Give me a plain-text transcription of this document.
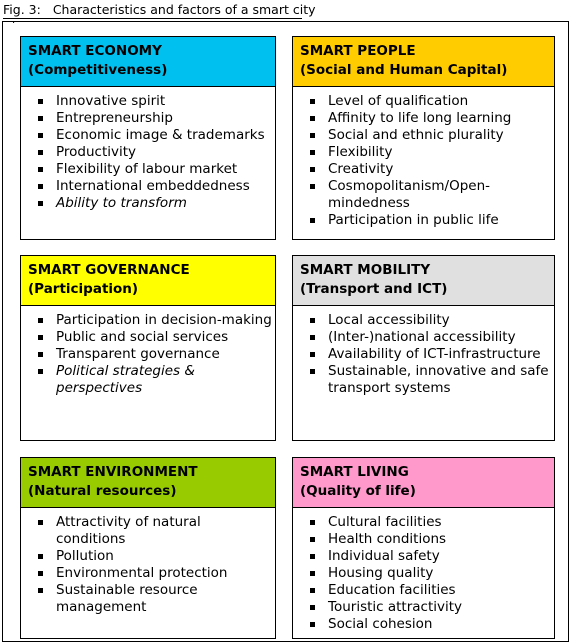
Fig. 3: Characteristics and factors of a smart city
.
SMART ECONOMY
(Competitiveness)
Innovative spirit
Entrepreneurship
Economic image & trademarks
Productivity
Flexibility of labour market
International embeddedness
Ability to transform
SMART PEOPLE
(Social and Human Capital)
Level of qualification
Affinity to life long learning
Social and ethnic plurality
Flexibility
Creativity
Cosmopolitanism/Open-
mindedness
Participation in public life
SMART GOVERNANCE
(Participation)
Participation in decision-making
Public and social services
Transparent governance
Political strategies &
perspectives
SMART MOBILITY
(Transport and ICT)
Local accessibility
(Inter-)national accessibility
Availability of ICT-infrastructure
Sustainable, innovative and safe
transport systems
SMART ENVIRONMENT
(Natural resources)
Attractivity of natural
conditions
Pollution
Environmental protection
Sustainable resource
management
SMART LIVING
(Quality of life)
Cultural facilities
Health conditions
Individual safety
Housing quality
Education facilities
Touristic attractivity
Social cohesion
